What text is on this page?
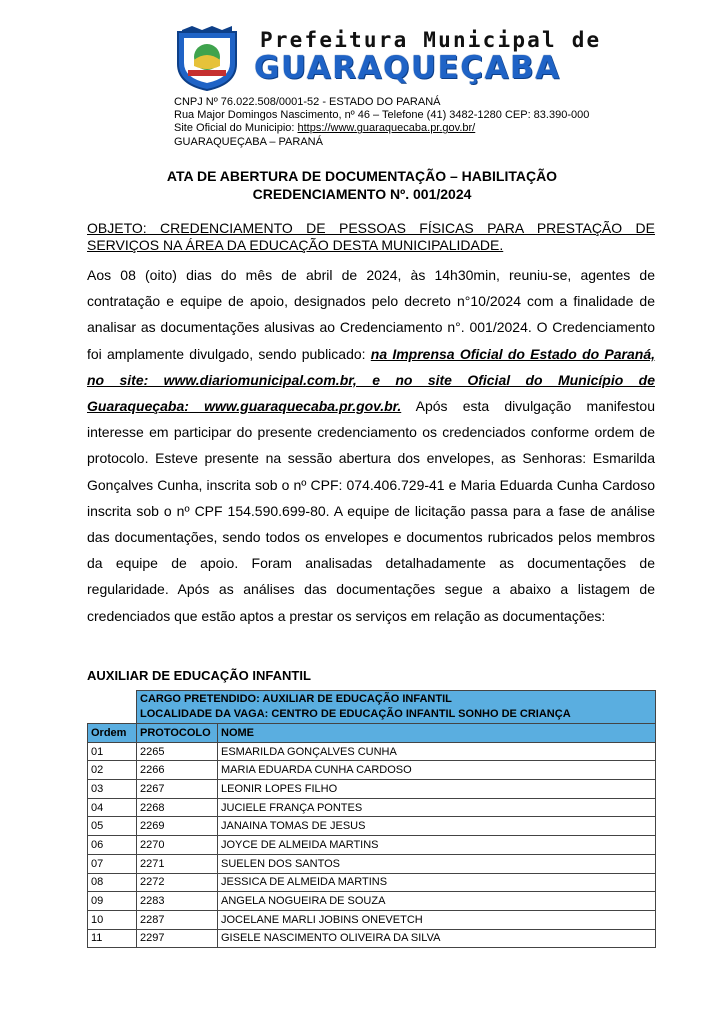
Prefeitura Municipal de
GUARAQUEÇABA
CNPJ Nº 76.022.508/0001-52 - ESTADO DO PARANÁ
Rua Major Domingos Nascimento, nº 46 – Telefone (41) 3482-1280 CEP: 83.390-000
Site Oficial do Municipio: https://www.guaraquecaba.pr.gov.br/
GUARAQUEÇABA – PARANÁ
ATA DE ABERTURA DE DOCUMENTAÇÃO – HABILITAÇÃO
CREDENCIAMENTO Nº. 001/2024
OBJETO: CREDENCIAMENTO DE PESSOAS FÍSICAS PARA PRESTAÇÃO DE SERVIÇOS NA ÁREA DA EDUCAÇÃO DESTA MUNICIPALIDADE.
Aos 08 (oito) dias do mês de abril de 2024, às 14h30min, reuniu-se, agentes de contratação e equipe de apoio, designados pelo decreto n°10/2024 com a finalidade de analisar as documentações alusivas ao Credenciamento n°. 001/2024. O Credenciamento foi amplamente divulgado, sendo publicado: na Imprensa Oficial do Estado do Paraná, no site: www.diariomunicipal.com.br, e no site Oficial do Município de Guaraqueçaba: www.guaraquecaba.pr.gov.br. Após esta divulgação manifestou interesse em participar do presente credenciamento os credenciados conforme ordem de protocolo. Esteve presente na sessão abertura dos envelopes, as Senhoras: Esmarilda Gonçalves Cunha, inscrita sob o nº CPF: 074.406.729-41 e Maria Eduarda Cunha Cardoso inscrita sob o nº CPF 154.590.699-80. A equipe de licitação passa para a fase de análise das documentações, sendo todos os envelopes e documentos rubricados pelos membros da equipe de apoio. Foram analisadas detalhadamente as documentações de regularidade. Após as análises das documentações segue a abaixo a listagem de credenciados que estão aptos a prestar os serviços em relação as documentações:
AUXILIAR DE EDUCAÇÃO INFANTIL

	CARGO PRETENDIDO: AUXILIAR DE EDUCAÇÃO INFANTIL
LOCALIDADE DA VAGA: CENTRO DE EDUCAÇÃO INFANTIL SONHO DE CRIANÇA	

Ordem	PROTOCOLO	NOME
01	2265	ESMARILDA GONÇALVES CUNHA
02	2266	MARIA EDUARDA CUNHA CARDOSO
03	2267	LEONIR LOPES FILHO
04	2268	JUCIELE FRANÇA PONTES
05	2269	JANAINA TOMAS DE JESUS
06	2270	JOYCE DE ALMEIDA MARTINS
07	2271	SUELEN DOS SANTOS
08	2272	JESSICA DE ALMEIDA MARTINS
09	2283	ANGELA NOGUEIRA DE SOUZA
10	2287	JOCELANE MARLI JOBINS ONEVETCH
11	2297	GISELE NASCIMENTO OLIVEIRA DA SILVA
